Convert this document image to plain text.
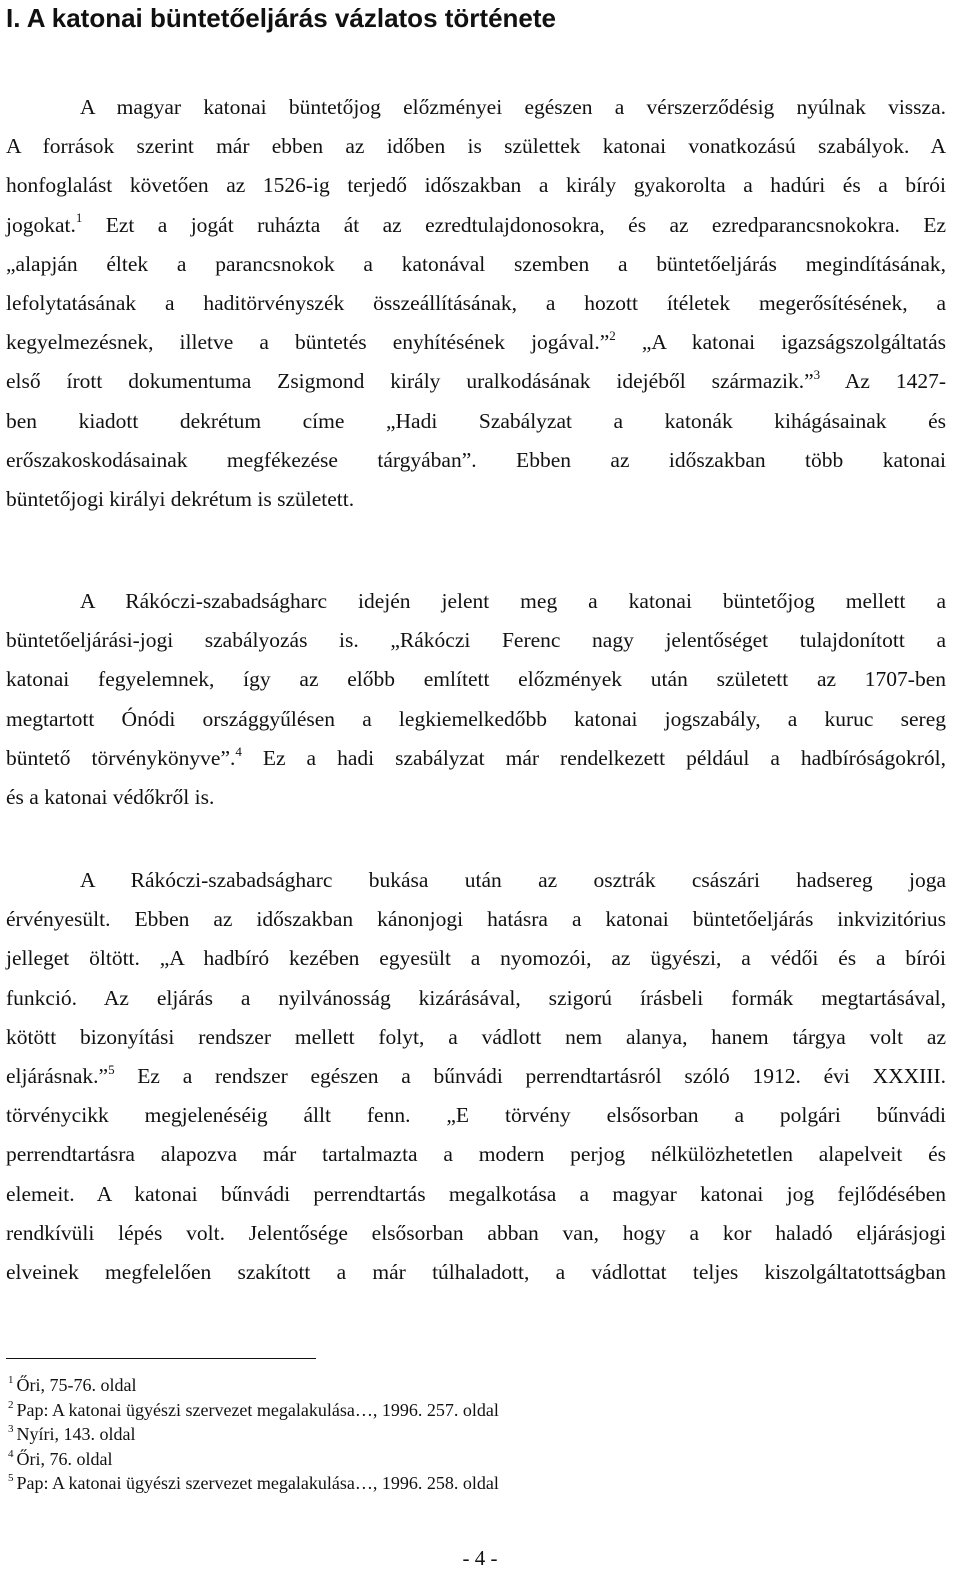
I. A katonai büntetőeljárás vázlatos története

A magyar katonai büntetőjog előzményei egészen a vérszerződésig nyúlnak vissza.

A források szerint már ebben az időben is születtek katonai vonatkozású szabályok. A

honfoglalást követően az 1526-ig terjedő időszakban a király gyakorolta a hadúri és a bírói

jogokat.$^1$ Ezt a jogát ruházta át az ezredtulajdonosokra, és az ezredparancsnokokra. Ez

„alapján éltek a parancsnokok a katonával szemben a büntetőeljárás megindításának,

lefolytatásának a haditörvényszék összeállításának, a hozott ítéletek megerősítésének, a

kegyelmezésnek, illetve a büntetés enyhítésének jogával.”$^2$ „A katonai igazságszolgáltatás

első írott dokumentuma Zsigmond király uralkodásának idejéből származik.”$^3$ Az 1427-

ben kiadott dekrétum címe „Hadi Szabályzat a katonák kihágásainak és

erőszakoskodásainak megfékezése tárgyában”. Ebben az időszakban több katonai

büntetőjogi királyi dekrétum is született.

A Rákóczi-szabadságharc idején jelent meg a katonai büntetőjog mellett a

büntetőeljárási-jogi szabályozás is. „Rákóczi Ferenc nagy jelentőséget tulajdonított a

katonai fegyelemnek, így az előbb említett előzmények után született az 1707-ben

megtartott Ónódi országgyűlésen a legkiemelkedőbb katonai jogszabály, a kuruc sereg

büntető törvénykönyve”.$^4$ Ez a hadi szabályzat már rendelkezett például a hadbíróságokról,

és a katonai védőkről is.

A Rákóczi-szabadságharc bukása után az osztrák császári hadsereg joga

érvényesült. Ebben az időszakban kánonjogi hatásra a katonai büntetőeljárás inkvizitórius

jelleget öltött. „A hadbíró kezében egyesült a nyomozói, az ügyészi, a védői és a bírói

funkció. Az eljárás a nyilvánosság kizárásával, szigorú írásbeli formák megtartásával,

kötött bizonyítási rendszer mellett folyt, a vádlott nem alanya, hanem tárgya volt az

eljárásnak.”$^5$ Ez a rendszer egészen a bűnvádi perrendtartásról szóló 1912. évi XXXIII.

törvénycikk megjelenéséig állt fenn. „E törvény elsősorban a polgári bűnvádi

perrendtartásra alapozva már tartalmazta a modern perjog nélkülözhetetlen alapelveit és

elemeit. A katonai bűnvádi perrendtartás megalkotása a magyar katonai jog fejlődésében

rendkívüli lépés volt. Jelentősége elsősorban abban van, hogy a kor haladó eljárásjogi

elveinek megfelelően szakított a már túlhaladott, a vádlottat teljes kiszolgáltatottságban

$^1$ Őri, 75-76. oldal
$^2$ Pap: A katonai ügyészi szervezet megalakulása…, 1996. 257. oldal
$^3$ Nyíri, 143. oldal
$^4$ Őri, 76. oldal
$^5$ Pap: A katonai ügyészi szervezet megalakulása…, 1996. 258. oldal
- 4 -
